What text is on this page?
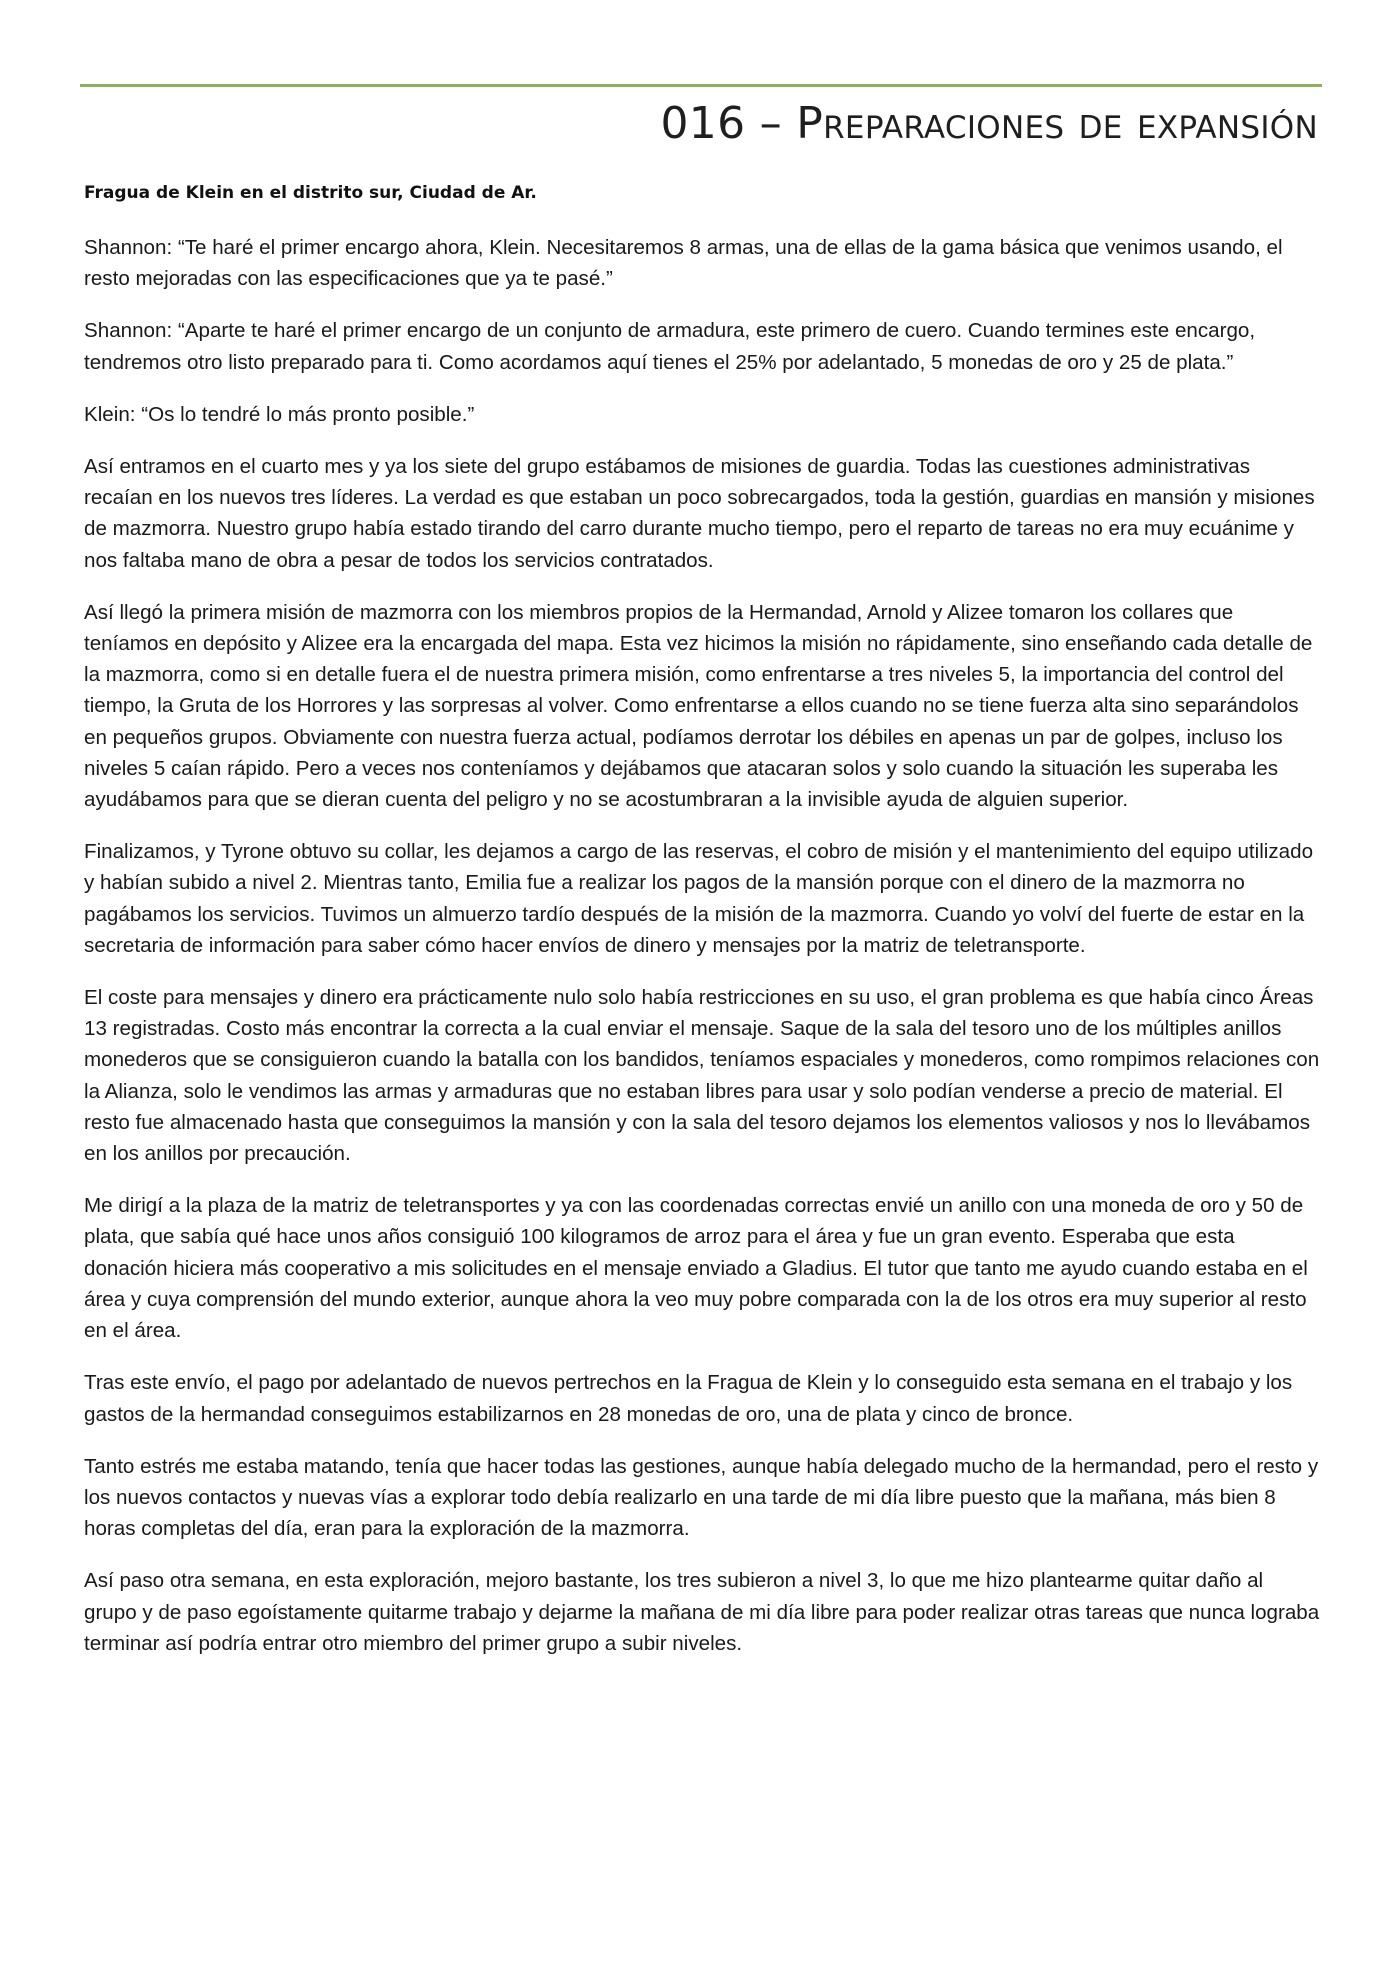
016 – Preparaciones de expansión

Fragua de Klein en el distrito sur, Ciudad de Ar.

Shannon: “Te haré el primer encargo ahora, Klein. Necesitaremos 8 armas, una de ellas de la gama básica que venimos usando, el resto mejoradas con las especificaciones que ya te pasé.”

Shannon: “Aparte te haré el primer encargo de un conjunto de armadura, este primero de cuero. Cuando termines este encargo, tendremos otro listo preparado para ti. Como acordamos aquí tienes el 25% por adelantado, 5 monedas de oro y 25 de plata.”

Klein: “Os lo tendré lo más pronto posible.”

Así entramos en el cuarto mes y ya los siete del grupo estábamos de misiones de guardia. Todas las cuestiones administrativas recaían en los nuevos tres líderes. La verdad es que estaban un poco sobrecargados, toda la gestión, guardias en mansión y misiones de mazmorra. Nuestro grupo había estado tirando del carro durante mucho tiempo, pero el reparto de tareas no era muy ecuánime y nos faltaba mano de obra a pesar de todos los servicios contratados.

Así llegó la primera misión de mazmorra con los miembros propios de la Hermandad, Arnold y Alizee tomaron los collares que teníamos en depósito y Alizee era la encargada del mapa. Esta vez hicimos la misión no rápidamente, sino enseñando cada detalle de la mazmorra, como si en detalle fuera el de nuestra primera misión, como enfrentarse a tres niveles 5, la importancia del control del tiempo, la Gruta de los Horrores y las sorpresas al volver. Como enfrentarse a ellos cuando no se tiene fuerza alta sino separándolos en pequeños grupos. Obviamente con nuestra fuerza actual, podíamos derrotar los débiles en apenas un par de golpes, incluso los niveles 5 caían rápido. Pero a veces nos conteníamos y dejábamos que atacaran solos y solo cuando la situación les superaba les ayudábamos para que se dieran cuenta del peligro y no se acostumbraran a la invisible ayuda de alguien superior.

Finalizamos, y Tyrone obtuvo su collar, les dejamos a cargo de las reservas, el cobro de misión y el mantenimiento del equipo utilizado y habían subido a nivel 2. Mientras tanto, Emilia fue a realizar los pagos de la mansión porque con el dinero de la mazmorra no pagábamos los servicios. Tuvimos un almuerzo tardío después de la misión de la mazmorra. Cuando yo volví del fuerte de estar en la secretaria de información para saber cómo hacer envíos de dinero y mensajes por la matriz de teletransporte.

El coste para mensajes y dinero era prácticamente nulo solo había restricciones en su uso, el gran problema es que había cinco Áreas 13 registradas. Costo más encontrar la correcta a la cual enviar el mensaje. Saque de la sala del tesoro uno de los múltiples anillos monederos que se consiguieron cuando la batalla con los bandidos, teníamos espaciales y monederos, como rompimos relaciones con la Alianza, solo le vendimos las armas y armaduras que no estaban libres para usar y solo podían venderse a precio de material. El resto fue almacenado hasta que conseguimos la mansión y con la sala del tesoro dejamos los elementos valiosos y nos lo llevábamos en los anillos por precaución.

Me dirigí a la plaza de la matriz de teletransportes y ya con las coordenadas correctas envié un anillo con una moneda de oro y 50 de plata, que sabía qué hace unos años consiguió 100 kilogramos de arroz para el área y fue un gran evento. Esperaba que esta donación hiciera más cooperativo a mis solicitudes en el mensaje enviado a Gladius. El tutor que tanto me ayudo cuando estaba en el área y cuya comprensión del mundo exterior, aunque ahora la veo muy pobre comparada con la de los otros era muy superior al resto en el área.

Tras este envío, el pago por adelantado de nuevos pertrechos en la Fragua de Klein y lo conseguido esta semana en el trabajo y los gastos de la hermandad conseguimos estabilizarnos en 28 monedas de oro, una de plata y cinco de bronce.

Tanto estrés me estaba matando, tenía que hacer todas las gestiones, aunque había delegado mucho de la hermandad, pero el resto y los nuevos contactos y nuevas vías a explorar todo debía realizarlo en una tarde de mi día libre puesto que la mañana, más bien 8 horas completas del día, eran para la exploración de la mazmorra.

Así paso otra semana, en esta exploración, mejoro bastante, los tres subieron a nivel 3, lo que me hizo plantearme quitar daño al grupo y de paso egoístamente quitarme trabajo y dejarme la mañana de mi día libre para poder realizar otras tareas que nunca lograba terminar así podría entrar otro miembro del primer grupo a subir niveles.
